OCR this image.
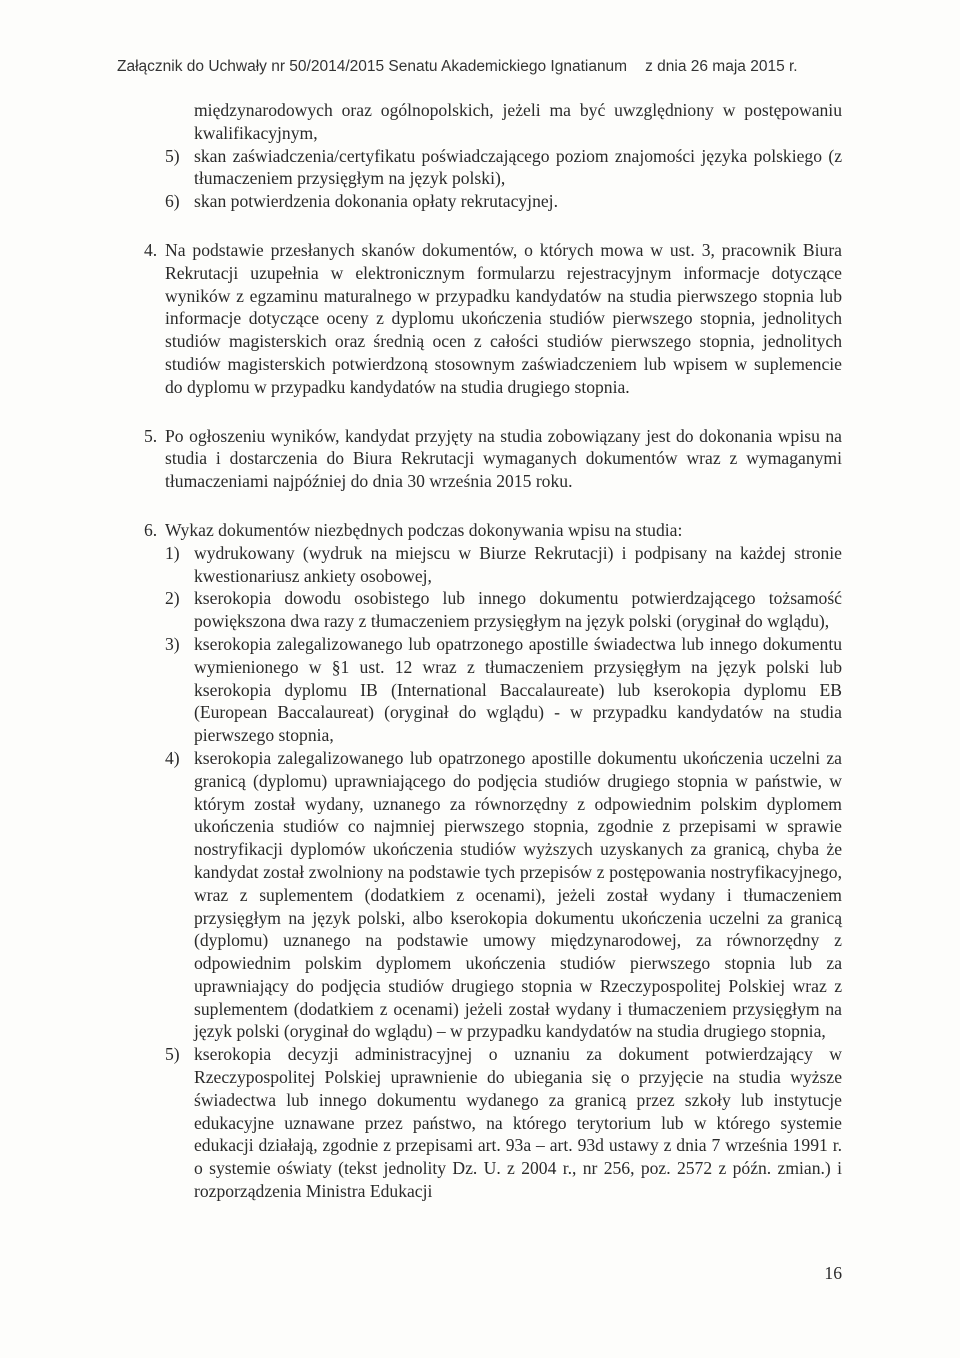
Załącznik do Uchwały nr 50/2014/2015 Senatu Akademickiego Ignatianum z dnia 26 maja 2015 r.
międzynarodowych oraz ogólnopolskich, jeżeli ma być uwzględniony w postępowaniu kwalifikacyjnym,
5) skan zaświadczenia/certyfikatu poświadczającego poziom znajomości języka polskiego (z tłumaczeniem przysięgłym na język polski),
6) skan potwierdzenia dokonania opłaty rekrutacyjnej.
4. Na podstawie przesłanych skanów dokumentów, o których mowa w ust. 3, pracownik Biura Rekrutacji uzupełnia w elektronicznym formularzu rejestracyjnym informacje dotyczące wyników z egzaminu maturalnego w przypadku kandydatów na studia pierwszego stopnia lub informacje dotyczące oceny z dyplomu ukończenia studiów pierwszego stopnia, jednolitych studiów magisterskich oraz średnią ocen z całości studiów pierwszego stopnia, jednolitych studiów magisterskich potwierdzoną stosownym zaświadczeniem lub wpisem w suplemencie do dyplomu w przypadku kandydatów na studia drugiego stopnia.
5. Po ogłoszeniu wyników, kandydat przyjęty na studia zobowiązany jest do dokonania wpisu na studia i dostarczenia do Biura Rekrutacji wymaganych dokumentów wraz z wymaganymi tłumaczeniami najpóźniej do dnia 30 września 2015 roku.
6. Wykaz dokumentów niezbędnych podczas dokonywania wpisu na studia:
1) wydrukowany (wydruk na miejscu w Biurze Rekrutacji) i podpisany na każdej stronie kwestionariusz ankiety osobowej,
2) kserokopia dowodu osobistego lub innego dokumentu potwierdzającego tożsamość powiększona dwa razy z tłumaczeniem przysięgłym na język polski (oryginał do wglądu),
3) kserokopia zalegalizowanego lub opatrzonego apostille świadectwa lub innego dokumentu wymienionego w §1 ust. 12 wraz z tłumaczeniem przysięgłym na język polski lub kserokopia dyplomu IB (International Baccalaureate) lub kserokopia dyplomu EB (European Baccalaureat) (oryginał do wglądu) - w przypadku kandydatów na studia pierwszego stopnia,
4) kserokopia zalegalizowanego lub opatrzonego apostille dokumentu ukończenia uczelni za granicą (dyplomu) uprawniającego do podjęcia studiów drugiego stopnia w państwie, w którym został wydany, uznanego za równorzędny z odpowiednim polskim dyplomem ukończenia studiów co najmniej pierwszego stopnia, zgodnie z przepisami w sprawie nostryfikacji dyplomów ukończenia studiów wyższych uzyskanych za granicą, chyba że kandydat został zwolniony na podstawie tych przepisów z postępowania nostryfikacyjnego, wraz z suplementem (dodatkiem z ocenami), jeżeli został wydany i tłumaczeniem przysięgłym na język polski, albo kserokopia dokumentu ukończenia uczelni za granicą (dyplomu) uznanego na podstawie umowy międzynarodowej, za równorzędny z odpowiednim polskim dyplomem ukończenia studiów pierwszego stopnia lub za uprawniający do podjęcia studiów drugiego stopnia w Rzeczypospolitej Polskiej wraz z suplementem (dodatkiem z ocenami) jeżeli został wydany i tłumaczeniem przysięgłym na język polski (oryginał do wglądu) – w przypadku kandydatów na studia drugiego stopnia,
5) kserokopia decyzji administracyjnej o uznaniu za dokument potwierdzający w Rzeczypospolitej Polskiej uprawnienie do ubiegania się o przyjęcie na studia wyższe świadectwa lub innego dokumentu wydanego za granicą przez szkoły lub instytucje edukacyjne uznawane przez państwo, na którego terytorium lub w którego systemie edukacji działają, zgodnie z przepisami art. 93a – art. 93d ustawy z dnia 7 września 1991 r. o systemie oświaty (tekst jednolity Dz. U. z 2004 r., nr 256, poz. 2572 z późn. zmian.) i rozporządzenia Ministra Edukacji
16
